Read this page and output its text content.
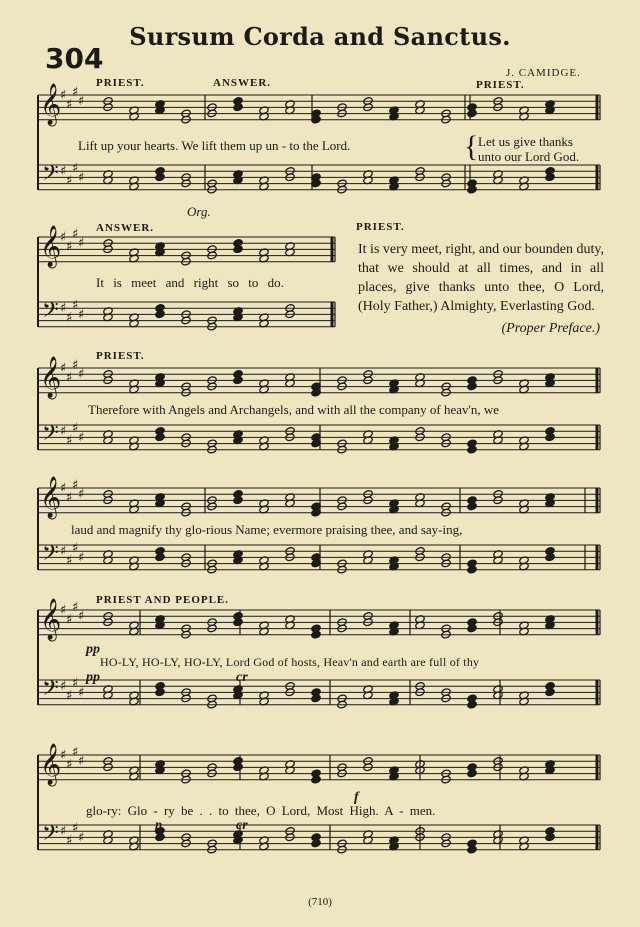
Sursum Corda and Sanctus.
304	J. CAMIDGE.
𝄞
𝄢
♯
♯
♯
♯
♯
♯
♯
♯
𝄞
𝄢
♯
♯
♯
♯
♯
♯
♯
♯
𝄞
𝄢
♯
♯
♯
♯
♯
♯
♯
♯
𝄞
𝄢
♯
♯
♯
♯
♯
♯
♯
♯
𝄞
𝄢
♯
♯
♯
♯
♯
♯
♯
♯
𝄞
𝄢
♯
♯
♯
♯
♯
♯
♯
♯
PRIEST.	ANSWER.	PRIEST.
Lift up your hearts. We lift them up un - to the Lord.	{ Let us give thanks
unto our Lord God.
Org.
ANSWER.
It is meet and right so to do.
PRIEST.
It is very meet, right, and our bounden duty, that we should at all times, and in all places, give thanks unto thee, O Lord, (Holy Father,) Almighty, Everlasting God.
(Proper Preface.)
PRIEST.
Therefore with Angels and Archangels, and with all the company of heav'n, we
laud and magnify thy glo-rious Name; evermore praising thee, and say-ing,
PRIEST AND PEOPLE.
pp
pp	cr
HO-LY, HO-LY, HO-LY, Lord God of hosts, Heav'n and earth are full of thy
glo-ry: Glo - ry be . . to thee, O Lord, Most High. A - men.
p	cr
f
(710)
